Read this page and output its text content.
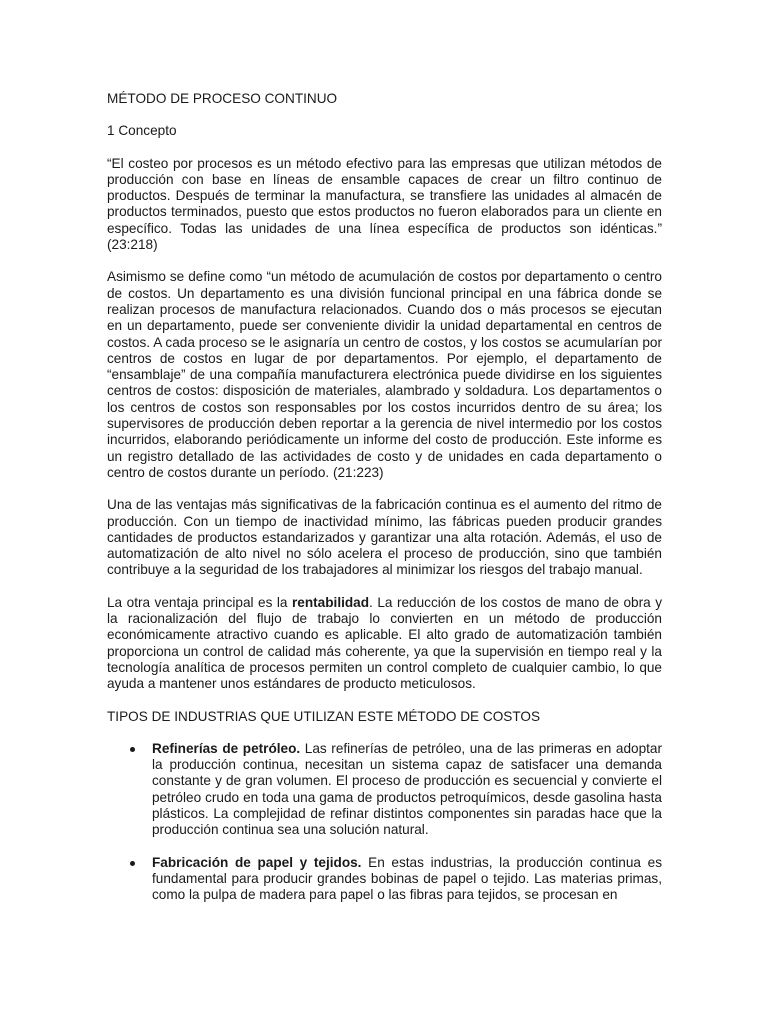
MÉTODO DE PROCESO CONTINUO

1 Concepto

“El costeo por procesos es un método efectivo para las empresas que utilizan métodos de producción con base en líneas de ensamble capaces de crear un filtro continuo de productos. Después de terminar la manufactura, se transfiere las unidades al almacén de productos terminados, puesto que estos productos no fueron elaborados para un cliente en específico. Todas las unidades de una línea específica de productos son idénticas.” (23:218)

Asimismo se define como “un método de acumulación de costos por departamento o centro de costos. Un departamento es una división funcional principal en una fábrica donde se realizan procesos de manufactura relacionados. Cuando dos o más procesos se ejecutan en un departamento, puede ser conveniente dividir la unidad departamental en centros de costos. A cada proceso se le asignaría un centro de costos, y los costos se acumularían por centros de costos en lugar de por departamentos. Por ejemplo, el departamento de “ensamblaje” de una compañía manufacturera electrónica puede dividirse en los siguientes centros de costos: disposición de materiales, alambrado y soldadura. Los departamentos o los centros de costos son responsables por los costos incurridos dentro de su área; los supervisores de producción deben reportar a la gerencia de nivel intermedio por los costos incurridos, elaborando periódicamente un informe del costo de producción. Este informe es un registro detallado de las actividades de costo y de unidades en cada departamento o centro de costos durante un período. (21:223)

Una de las ventajas más significativas de la fabricación continua es el aumento del ritmo de producción. Con un tiempo de inactividad mínimo, las fábricas pueden producir grandes cantidades de productos estandarizados y garantizar una alta rotación. Además, el uso de automatización de alto nivel no sólo acelera el proceso de producción, sino que también contribuye a la seguridad de los trabajadores al minimizar los riesgos del trabajo manual.

La otra ventaja principal es la rentabilidad. La reducción de los costos de mano de obra y la racionalización del flujo de trabajo lo convierten en un método de producción económicamente atractivo cuando es aplicable. El alto grado de automatización también proporciona un control de calidad más coherente, ya que la supervisión en tiempo real y la tecnología analítica de procesos permiten un control completo de cualquier cambio, lo que ayuda a mantener unos estándares de producto meticulosos.

TIPOS DE INDUSTRIAS QUE UTILIZAN ESTE MÉTODO DE COSTOS

Refinerías de petróleo. Las refinerías de petróleo, una de las primeras en adoptar la producción continua, necesitan un sistema capaz de satisfacer una demanda constante y de gran volumen. El proceso de producción es secuencial y convierte el petróleo crudo en toda una gama de productos petroquímicos, desde gasolina hasta plásticos. La complejidad de refinar distintos componentes sin paradas hace que la producción continua sea una solución natural.
Fabricación de papel y tejidos. En estas industrias, la producción continua es fundamental para producir grandes bobinas de papel o tejido. Las materias primas, como la pulpa de madera para papel o las fibras para tejidos, se procesan en
